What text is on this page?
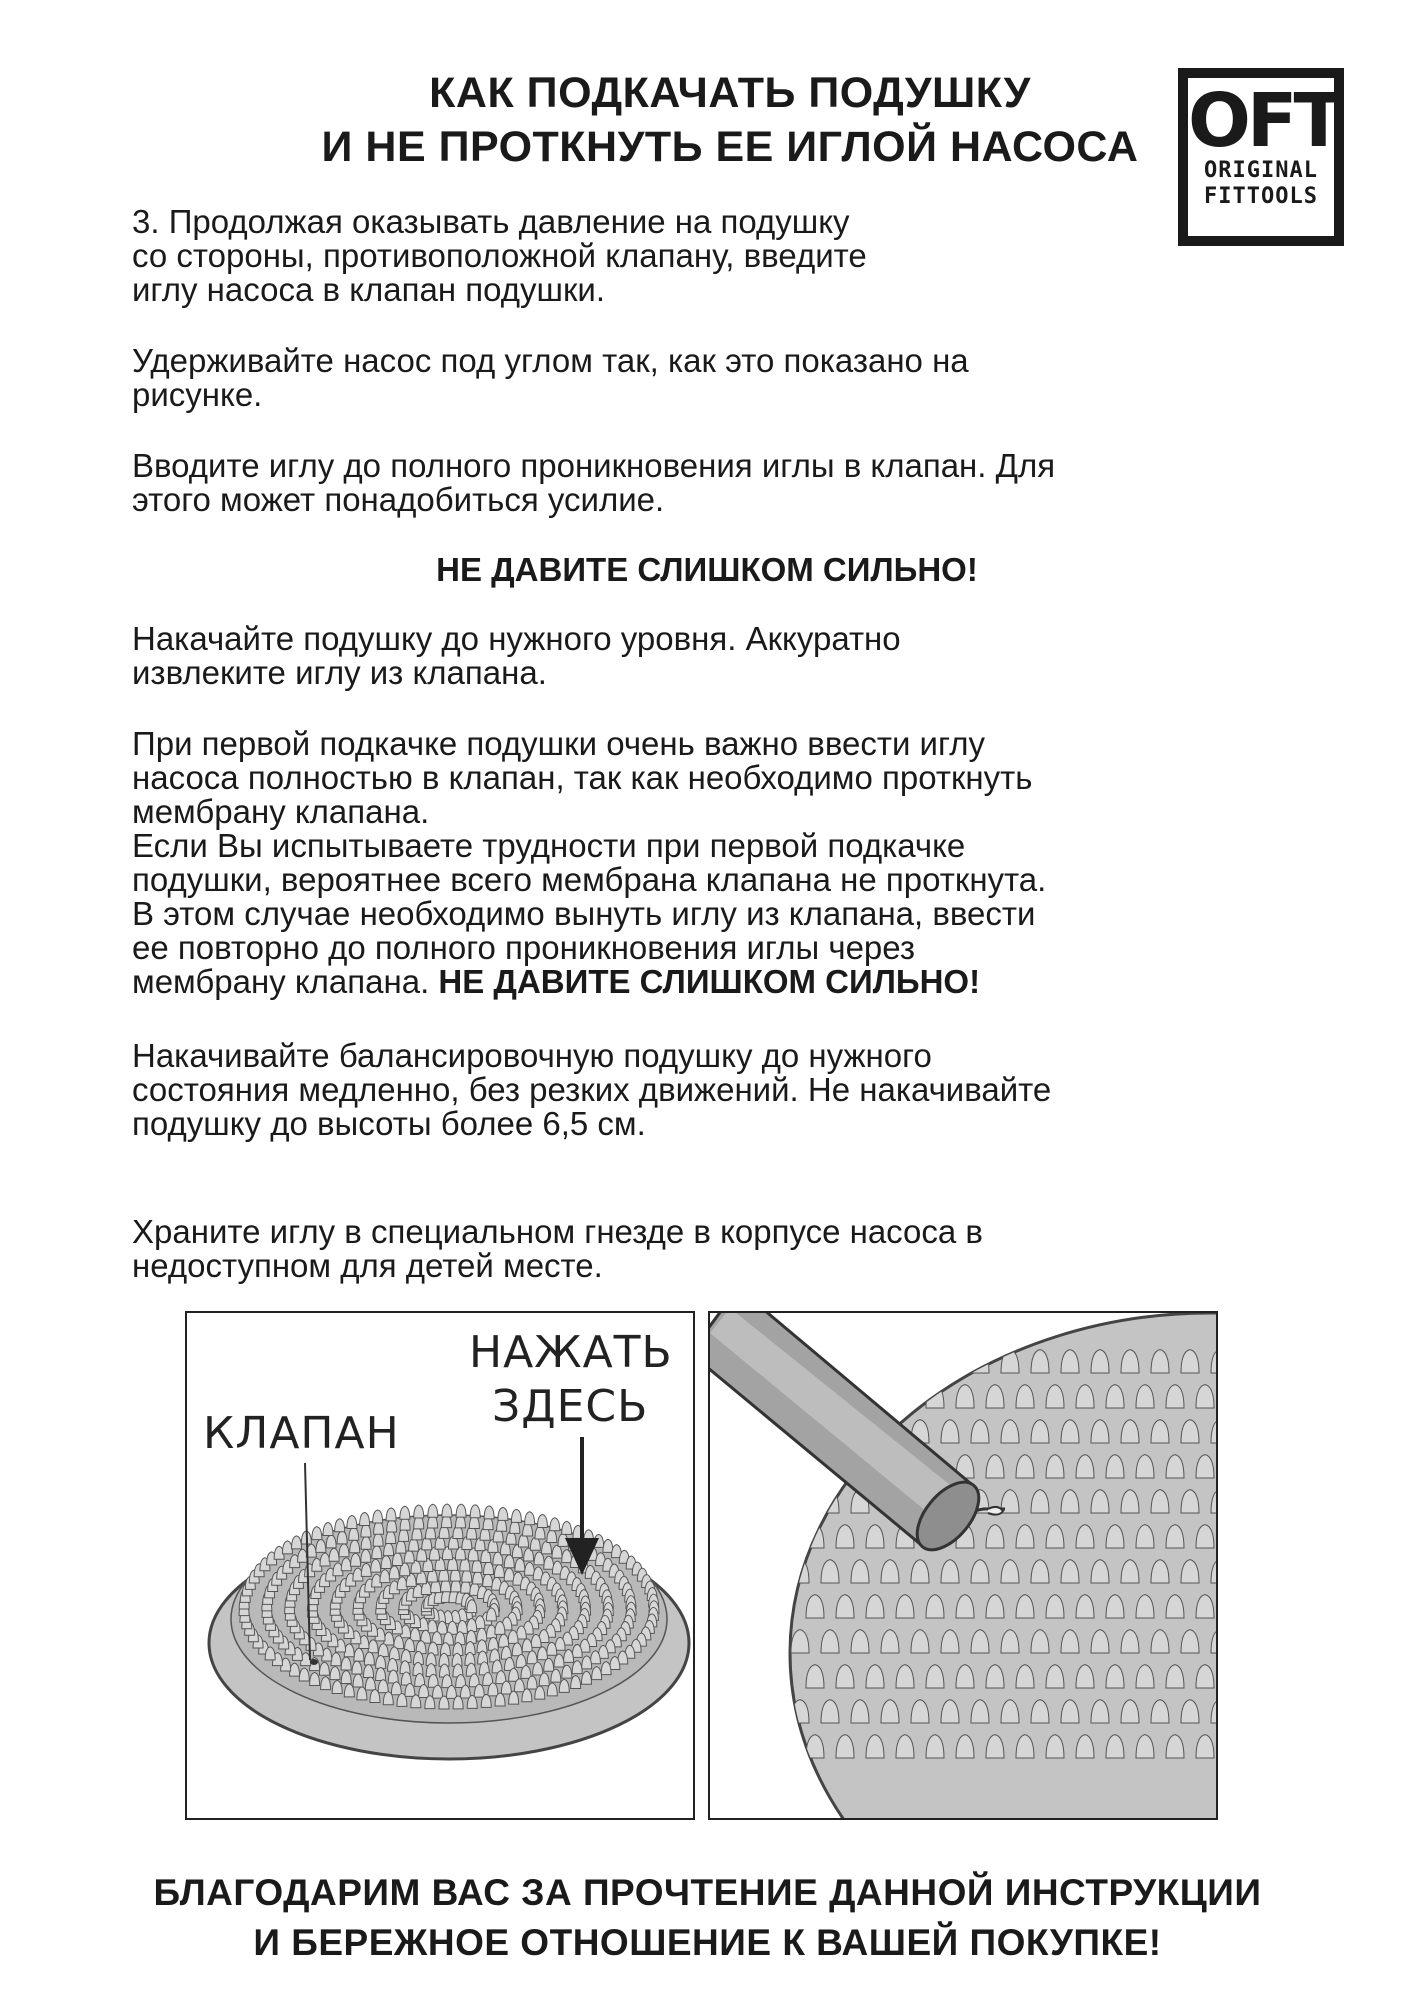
КАК ПОДКАЧАТЬ ПОДУШКУ
И НЕ ПРОТКНУТЬ ЕЕ ИГЛОЙ НАСОСА OFT
ORIGINAL
FITTOOLS

3. Продолжая оказывать давление на подушку
со стороны, противоположной клапану, введите
иглу насоса в клапан подушки.

Удерживайте насос под углом так, как это показано на
рисунке.

Вводите иглу до полного проникновения иглы в клапан. Для
этого может понадобиться усилие.

НЕ ДАВИТЕ СЛИШКОМ СИЛЬНО!

Накачайте подушку до нужного уровня. Аккуратно
извлеките иглу из клапана.

При первой подкачке подушки очень важно ввести иглу
насоса полностью в клапан, так как необходимо проткнуть
мембрану клапана.
Если Вы испытываете трудности при первой подкачке
подушки, вероятнее всего мембрана клапана не проткнута.
В этом случае необходимо вынуть иглу из клапана, ввести
ее повторно до полного проникновения иглы через
мембрану клапана. НЕ ДАВИТЕ СЛИШКОМ СИЛЬНО!

Накачивайте балансировочную подушку до нужного
состояния медленно, без резких движений. Не накачивайте
подушку до высоты более 6,5 см.

Храните иглу в специальном гнезде в корпусе насоса в
недоступном для детей месте.

КЛАПАН
НАЖАТЬ
ЗДЕСЬ
БЛАГОДАРИМ ВАС ЗА ПРОЧТЕНИЕ ДАННОЙ ИНСТРУКЦИИ
И БЕРЕЖНОЕ ОТНОШЕНИЕ К ВАШЕЙ ПОКУПКЕ!
